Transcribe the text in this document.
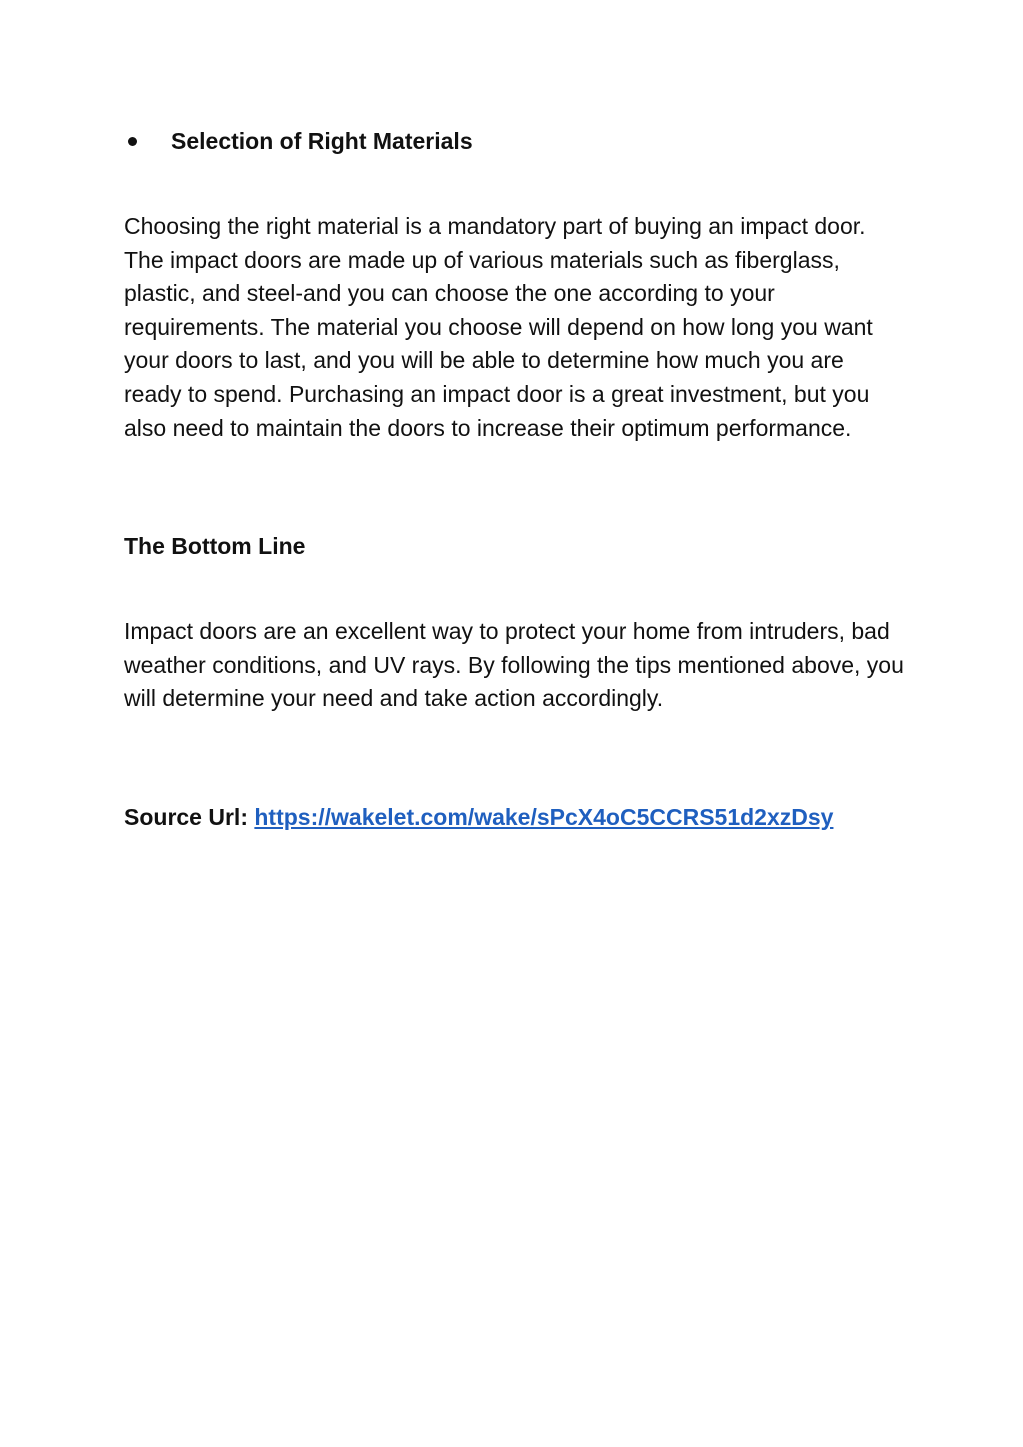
Selection of Right Materials

Choosing the right material is a mandatory part of buying an impact door. The impact doors are made up of various materials such as fiberglass, plastic, and steel-and you can choose the one according to your requirements. The material you choose will depend on how long you want your doors to last, and you will be able to determine how much you are ready to spend. Purchasing an impact door is a great investment, but you also need to maintain the doors to increase their optimum performance.

The Bottom Line

Impact doors are an excellent way to protect your home from intruders, bad weather conditions, and UV rays. By following the tips mentioned above, you will determine your need and take action accordingly.

Source Url: https://wakelet.com/wake/sPcX4oC5CCRS51d2xzDsy
